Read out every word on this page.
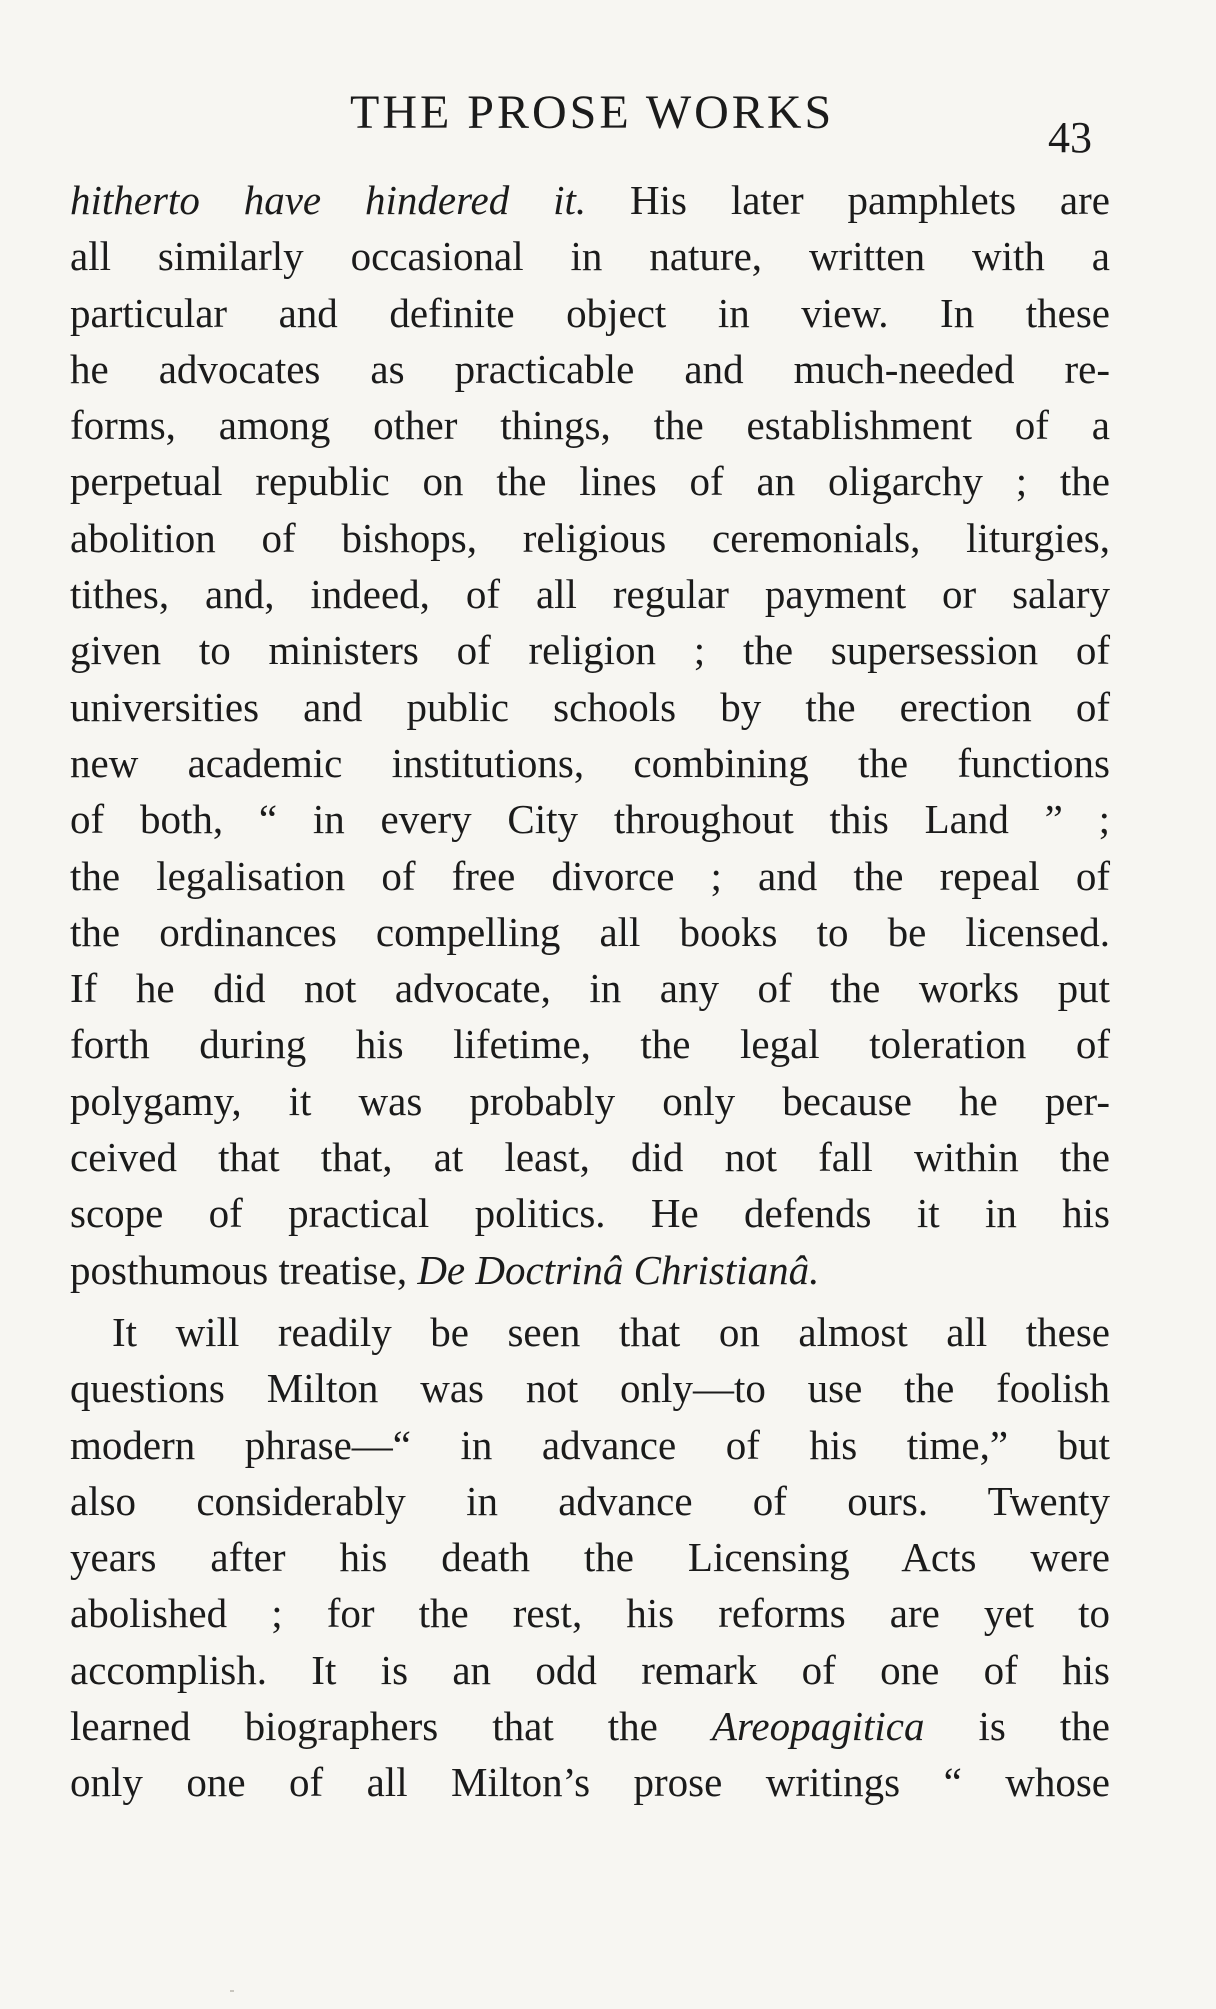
THE PROSE WORKS	43
hitherto have hindered it. His later pamphlets are
all similarly occasional in nature, written with a
particular and definite object in view. In these
he advocates as practicable and much-needed re-
forms, among other things, the establishment of a
perpetual republic on the lines of an oligarchy ; the
abolition of bishops, religious ceremonials, liturgies,
tithes, and, indeed, of all regular payment or salary
given to ministers of religion ; the supersession of
universities and public schools by the erection of
new academic institutions, combining the functions
of both, “ in every City throughout this Land ” ;
the legalisation of free divorce ; and the repeal of
the ordinances compelling all books to be licensed.
If he did not advocate, in any of the works put
forth during his lifetime, the legal toleration of
polygamy, it was probably only because he per-
ceived that that, at least, did not fall within the
scope of practical politics. He defends it in his
posthumous treatise, De Doctrinâ Christianâ.
It will readily be seen that on almost all these
questions Milton was not only—to use the foolish
modern phrase—“ in advance of his time,” but
also considerably in advance of ours. Twenty
years after his death the Licensing Acts were
abolished ; for the rest, his reforms are yet to
accomplish. It is an odd remark of one of his
learned biographers that the Areopagitica is the
only one of all Milton’s prose writings “ whose
